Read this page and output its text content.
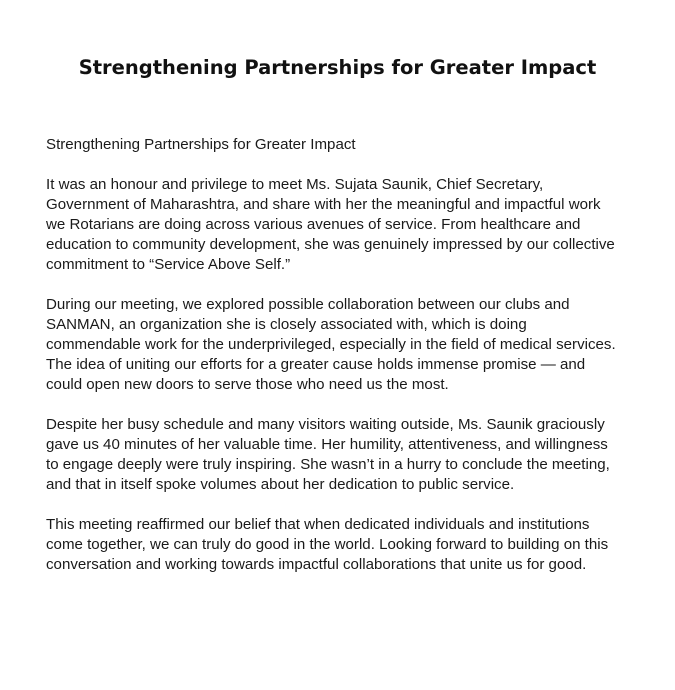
Strengthening Partnerships for Greater Impact

Strengthening Partnerships for Greater Impact

It was an honour and privilege to meet Ms. Sujata Saunik, Chief Secretary,
Government of Maharashtra, and share with her the meaningful and impactful work
we Rotarians are doing across various avenues of service. From healthcare and
education to community development, she was genuinely impressed by our collective
commitment to “Service Above Self.”

During our meeting, we explored possible collaboration between our clubs and
SANMAN, an organization she is closely associated with, which is doing
commendable work for the underprivileged, especially in the field of medical services.
The idea of uniting our efforts for a greater cause holds immense promise — and
could open new doors to serve those who need us the most.

Despite her busy schedule and many visitors waiting outside, Ms. Saunik graciously
gave us 40 minutes of her valuable time. Her humility, attentiveness, and willingness
to engage deeply were truly inspiring. She wasn’t in a hurry to conclude the meeting,
and that in itself spoke volumes about her dedication to public service.

This meeting reaffirmed our belief that when dedicated individuals and institutions
come together, we can truly do good in the world. Looking forward to building on this
conversation and working towards impactful collaborations that unite us for good.
